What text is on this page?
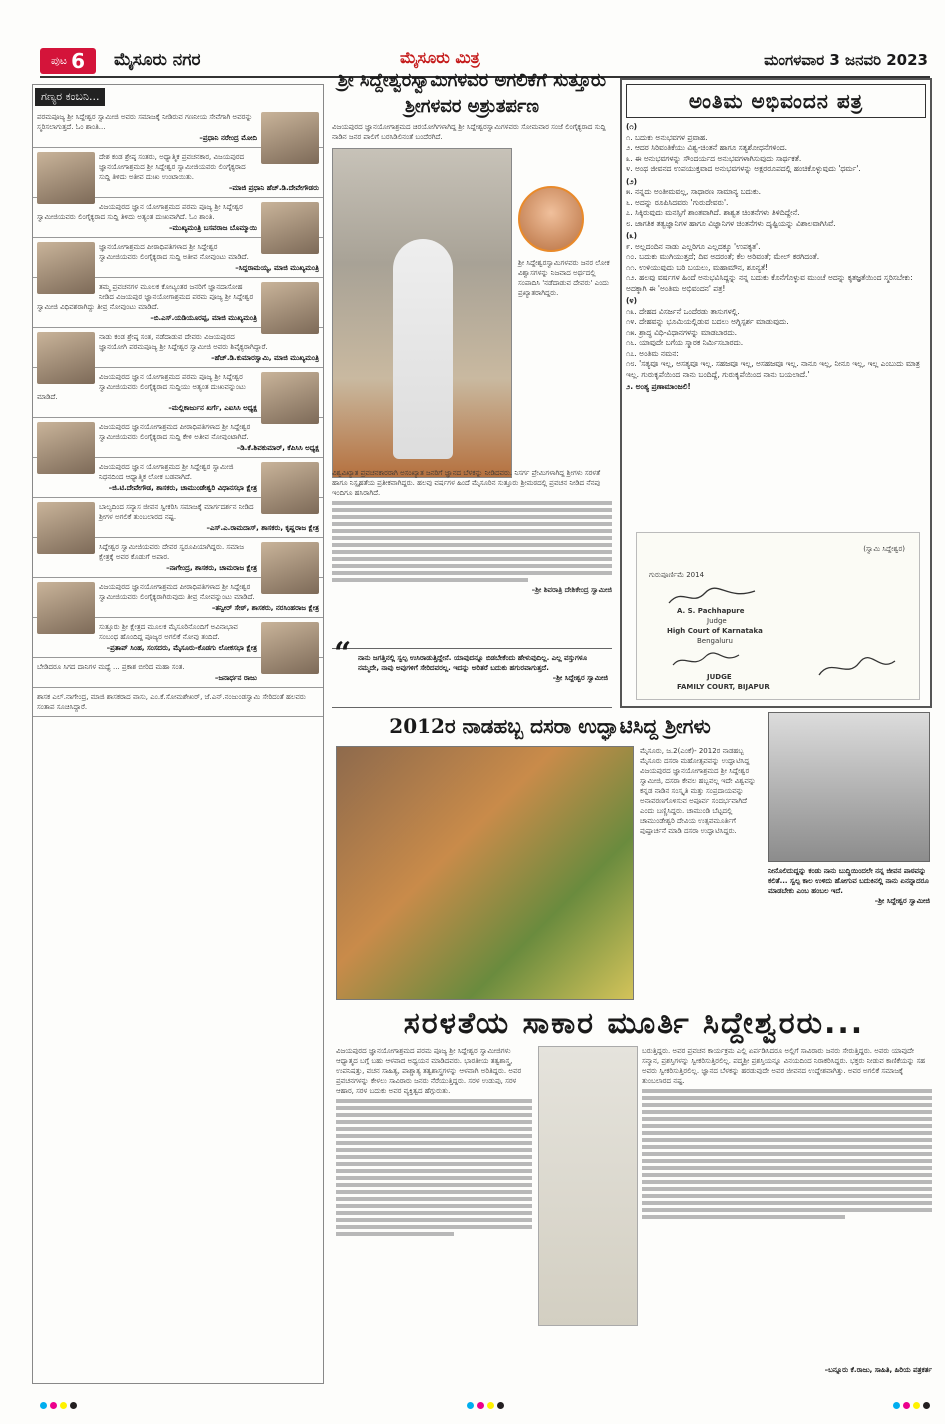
ಪುಟ 6 ಮೈಸೂರು ನಗರ	ಮೈಸೂರು ಮಿತ್ರ	ಮಂಗಳವಾರ 3 ಜನವರಿ 2023
ಗಣ್ಯರ ಕಂಬನಿ...
ಪರಮಪೂಜ್ಯ ಶ್ರೀ ಸಿದ್ದೇಶ್ವರ ಸ್ವಾಮೀಜಿ ಅವರು ಸಮಾಜಕ್ಕೆ ನೀಡಿರುವ ಗಣನೀಯ ಸೇವೆಗಾಗಿ ಅವರನ್ನು ಸ್ಮರಿಸಲಾಗುತ್ತದೆ. ಓಂ ಶಾಂತಿ...
–ಪ್ರಧಾನಿ ನರೇಂದ್ರ ಮೋದಿ
ದೇಶ ಕಂಡ ಶ್ರೇಷ್ಠ ಸಂತರು, ಅಧ್ಯಾತ್ಮಿಕ ಪ್ರವಚನಕಾರ, ವಿಜಯಪುರದ ಜ್ಞಾನಯೋಗಾಶ್ರಮದ ಶ್ರೀ ಸಿದ್ದೇಶ್ವರ ಸ್ವಾಮೀಜಿಯವರು ಲಿಂಗೈಕ್ಯರಾದ ಸುದ್ದಿ ತಿಳಿದು ಅತೀವ ದುಃಖ ಉಂಟಾಯಿತು.
–ಮಾಜಿ ಪ್ರಧಾನಿ ಹೆಚ್.ಡಿ.ದೇವೇಗೌಡರು
ವಿಜಯಪುರದ ಜ್ಞಾನ ಯೋಗಾಶ್ರಮದ ಪರಮ ಪೂಜ್ಯ ಶ್ರೀ ಸಿದ್ದೇಶ್ವರ ಸ್ವಾಮೀಜಿಯವರು ಲಿಂಗೈಕ್ಯರಾದ ಸುದ್ದಿ ತಿಳಿದು ಅತ್ಯಂತ ದುಃಖವಾಗಿದೆ. ಓಂ ಶಾಂತಿ.
–ಮುಖ್ಯಮಂತ್ರಿ ಬಸವರಾಜ ಬೊಮ್ಮಾಯಿ
ಜ್ಞಾನಯೋಗಾಶ್ರಮದ ಪೀಠಾಧಿಪತಿಗಳಾದ ಶ್ರೀ ಸಿದ್ದೇಶ್ವರ ಸ್ವಾಮೀಜಿಯವರು ಲಿಂಗೈಕ್ಯರಾದ ಸುದ್ದಿ ಅತೀವ ನೋವುಂಟು ಮಾಡಿದೆ.
–ಸಿದ್ದರಾಮಯ್ಯ, ಮಾಜಿ ಮುಖ್ಯಮಂತ್ರಿ
ತಮ್ಮ ಪ್ರವಚನಗಳ ಮೂಲಕ ಕೋಟ್ಯಂತರ ಜನರಿಗೆ ಜ್ಞಾನದಾಸೋಹ ನೀಡಿದ ವಿಜಯಪುರ ಜ್ಞಾನಯೋಗಾಶ್ರಮದ ಪರಮ ಪೂಜ್ಯ ಶ್ರೀ ಸಿದ್ದೇಶ್ವರ ಸ್ವಾಮೀಜಿ ವಿಧಿವಶರಾಗಿದ್ದು ತೀವ್ರ ನೋವುಂಟು ಮಾಡಿದೆ.
–ಬಿ.ಎಸ್.ಯಡಿಯೂರಪ್ಪ, ಮಾಜಿ ಮುಖ್ಯಮಂತ್ರಿ
ನಾಡು ಕಂಡ ಶ್ರೇಷ್ಠ ಸಂತ, ನಡೆದಾಡುವ ದೇವರು ವಿಜಯಪುರದ ಜ್ಞಾನಯೋಗಿ ಪರಮಪೂಜ್ಯ ಶ್ರೀ ಸಿದ್ದೇಶ್ವರ ಸ್ವಾಮೀಜಿ ಅವರು ಶಿವೈಕ್ಯರಾಗಿದ್ದಾರೆ.
–ಹೆಚ್.ಡಿ.ಕುಮಾರಸ್ವಾಮಿ, ಮಾಜಿ ಮುಖ್ಯಮಂತ್ರಿ
ವಿಜಯಪುರದ ಜ್ಞಾನ ಯೋಗಾಶ್ರಮದ ಪರಮ ಪೂಜ್ಯ ಶ್ರೀ ಸಿದ್ದೇಶ್ವರ ಸ್ವಾಮೀಜಿಯವರು ಲಿಂಗೈಕ್ಯರಾದ ಸುದ್ದಿಯು ಅತ್ಯಂತ ದುಃಖವನ್ನುಂಟು ಮಾಡಿದೆ.
–ಮಲ್ಲಿಕಾರ್ಜುನ ಖರ್ಗೆ, ಎಐಸಿಸಿ ಅಧ್ಯಕ್ಷ
ವಿಜಯಪುರದ ಜ್ಞಾನಯೋಗಾಶ್ರಮದ ಪೀಠಾಧಿಪತಿಗಳಾದ ಶ್ರೀ ಸಿದ್ದೇಶ್ವರ ಸ್ವಾಮೀಜಿಯವರು ಲಿಂಗೈಕ್ಯರಾದ ಸುದ್ದಿ ಕೇಳಿ ಅತೀವ ನೋವುಂಟಾಗಿದೆ.
–ಡಿ.ಕೆ.ಶಿವಕುಮಾರ್, ಕೆಪಿಸಿಸಿ ಅಧ್ಯಕ್ಷ
ವಿಜಯಪುರದ ಜ್ಞಾನ ಯೋಗಾಶ್ರಮದ ಶ್ರೀ ಸಿದ್ದೇಶ್ವರ ಸ್ವಾಮೀಜಿ ನಿಧನದಿಂದ ಆಧ್ಯಾತ್ಮಿಕ ಲೋಕ ಬಡವಾಗಿದೆ.
–ಜಿ.ಟಿ.ದೇವೇಗೌಡ, ಶಾಸಕರು, ಚಾಮುಂಡೇಶ್ವರಿ ವಿಧಾನಸಭಾ ಕ್ಷೇತ್ರ
ಬಾಲ್ಯದಿಂದ ಸನ್ಯಾಸ ಜೀವನ ಸ್ವೀಕರಿಸಿ ಸಮಾಜಕ್ಕೆ ಮಾರ್ಗದರ್ಶನ ನೀಡಿದ ಶ್ರೀಗಳ ಅಗಲಿಕೆ ತುಂಬಲಾರದ ನಷ್ಟ.
–ಎಸ್.ಎ.ರಾಮದಾಸ್, ಶಾಸಕರು, ಕೃಷ್ಣರಾಜ ಕ್ಷೇತ್ರ
ಸಿದ್ದೇಶ್ವರ ಸ್ವಾಮೀಜಿಯವರು ದೇವರ ಸ್ವರೂಪಿಯಾಗಿದ್ದರು. ಸಮಾಜ ಕ್ಷೇತ್ರಕ್ಕೆ ಅವರ ಕೊಡುಗೆ ಅಪಾರ.
–ನಾಗೇಂದ್ರ, ಶಾಸಕರು, ಚಾಮರಾಜ ಕ್ಷೇತ್ರ
ವಿಜಯಪುರದ ಜ್ಞಾನಯೋಗಾಶ್ರಮದ ಪೀಠಾಧಿಪತಿಗಳಾದ ಶ್ರೀ ಸಿದ್ದೇಶ್ವರ ಸ್ವಾಮೀಜಿಯವರು ಲಿಂಗೈಕ್ಯರಾಗಿರುವುದು ತೀವ್ರ ನೋವನ್ನುಂಟು ಮಾಡಿದೆ.
–ತನ್ವೀರ್ ಸೇಠ್, ಶಾಸಕರು, ನರಸಿಂಹರಾಜ ಕ್ಷೇತ್ರ
ಸುತ್ತೂರು ಶ್ರೀ ಕ್ಷೇತ್ರದ ಮೂಲಕ ಮೈಸೂರಿನೊಂದಿಗೆ ಅವಿನಾಭಾವ ಸಂಬಂಧ ಹೊಂದಿದ್ದ ಪೂಜ್ಯರ ಅಗಲಿಕೆ ನೋವು ತಂದಿದೆ.
–ಪ್ರತಾಪ್ ಸಿಂಹ, ಸಂಸದರು, ಮೈಸೂರು-ಕೊಡಗು ಲೋಕಸಭಾ ಕ್ಷೇತ್ರ
ಬೇಡಿದರೂ ಸಿಗದ ದಾನಿಗಳ ಮಧ್ಯೆ ... ಪ್ರಕಾಶ ಬೀರಿದ ಮಹಾ ಸಂತ.
–ಜನಾರ್ಧನ ರಾಜು
ಶಾಸಕ ಎಲ್.ನಾಗೇಂದ್ರ, ಮಾಜಿ ಶಾಸಕರಾದ ವಾಸು, ಎಂ.ಕೆ.ಸೋಮಶೇಖರ್, ಜೆ.ಎನ್.ನಂಜುಂಡಸ್ವಾಮಿ ಸೇರಿದಂತೆ ಹಲವರು ಸಂತಾಪ ಸೂಚಿಸಿದ್ದಾರೆ.
ಶ್ರೀ ಸಿದ್ದೇಶ್ವರಸ್ವಾಮಿಗಳವರ ಅಗಲಿಕೆಗೆ ಸುತ್ತೂರು ಶ್ರೀಗಳವರ ಅಶ್ರುತರ್ಪಣ
ವಿಜಯಪುರದ ಜ್ಞಾನಯೋಗಾಶ್ರಮದ ಚಿರಯೋಗಿಗಳಾಗಿದ್ದ ಶ್ರೀ ಸಿದ್ದೇಶ್ವರಸ್ವಾಮಿಗಳವರು ಸೋಮವಾರ ಸಂಜೆ ಲಿಂಗೈಕ್ಯರಾದ ಸುದ್ದಿ ನಾಡಿನ ಜನರ ಪಾಲಿಗೆ ಬರಸಿಡಿಲಿನಂತೆ ಬಂದೆರಗಿದೆ.
ಶ್ರೀ ಸಿದ್ದೇಶ್ವರಸ್ವಾಮಿಗಳವರು ಜನರ ಲೋಕ ವಿಶ್ವಾಸಗಳನ್ನು ನಿಜವಾದ ಅರ್ಥದಲ್ಲಿ ಸಂಪಾದಿಸಿ 'ನಡೆದಾಡುವ ದೇವರು' ಎಂದು ಪ್ರಖ್ಯಾತರಾಗಿದ್ದರು.
ವಿಶ್ವವಿಖ್ಯಾತ ಪ್ರವಚನಕಾರರಾಗಿ ಅಸಂಖ್ಯಾತ ಜನರಿಗೆ ಜ್ಞಾನದ ಬೆಳಕನ್ನು ನೀಡಿದವರು. ನಿಸರ್ಗ ಪ್ರೇಮಿಗಳಾಗಿದ್ದ ಶ್ರೀಗಳು ಸರಳತೆ ಹಾಗೂ ನಿಸ್ಪೃಹತೆಯ ಪ್ರತೀಕವಾಗಿದ್ದರು. ಹಲವು ವರ್ಷಗಳ ಹಿಂದೆ ಮೈಸೂರಿನ ಸುತ್ತೂರು ಶ್ರೀಮಠದಲ್ಲಿ ಪ್ರವಚನ ನೀಡಿದ ನೆನಪು ಇಂದಿಗೂ ಹಸಿರಾಗಿದೆ.
–ಶ್ರೀ ಶಿವರಾತ್ರಿ ದೇಶಿಕೇಂದ್ರ ಸ್ವಾಮೀಜಿ
“ ನಾನು ಜಗತ್ತಿನಲ್ಲಿ ಸ್ವಲ್ಪ ಉಸಿರಾಡುತ್ತಿದ್ದೇನೆ. ಯಾವುದನ್ನೂ ಬಿಡಬೇಕೆಂದು ಹೇಳುವುದಿಲ್ಲ. ಎಲ್ಲ ವಸ್ತುಗಳೂ ನಮ್ಮದೇ, ನಾವು ಅವುಗಳಿಗೆ ಸೇರಿದವರಲ್ಲ. ಇದನ್ನು ಅರಿತರೆ ಬದುಕು ಹಗುರವಾಗುತ್ತದೆ.
–ಶ್ರೀ ಸಿದ್ದೇಶ್ವರ ಸ್ವಾಮೀಜಿ
ಅಂತಿಮ ಅಭಿವಂದನ ಪತ್ರ
(೧)
೧. ಬದುಕು ಅನುಭವಗಳ ಪ್ರವಾಹ.
೨. ಆದರ ಸಿರಿವಂತಿಕೆಯು ವಿಶ್ವ-ಚಿಂತನೆ ಹಾಗೂ ಸತ್ಯಶೋಧನೆಗಳಿಂದ.
೩. ಈ ಅನುಭವಗಳನ್ನು ಸೌಂದರ್ಯದ ಅನುಭವಗಳಾಗಿಸುವುದು ಸಾರ್ಥಕತೆ.
೪. ಅಂಥ ಜೀವನದ ಉಪಯುಕ್ತವಾದ ಅನುಭವಗಳನ್ನು ಅಕ್ಷರರೂಪದಲ್ಲಿ ಹಂಚಿಕೊಳ್ಳುವುದು 'ಧರ್ಮ'.
(೨)
೫. ನನ್ನದು ಅಂತೀಮವಲ್ಲ, ಸಾಧಾರಣ ಸಾಮಾನ್ಯ ಬದುಕು.
೬. ಅದನ್ನು ರೂಪಿಸಿದವರು 'ಗುರುದೇವರು'.
೭. ಸಿಕ್ಕಿರುವುದು ಮನಸ್ಸಿಗೆ ಶಾಂತವಾಗಿದೆ. ಶಾಶ್ವತ ಚಿಂತನೆಗಳು ತಿಳಿದಿದ್ದೇನೆ.
೮. ಜಾಗತಿಕ ತತ್ವಜ್ಞಾನಿಗಳ ಹಾಗೂ ವಿಜ್ಞಾನಿಗಳ ಚಿಂತನೆಗಳು ದೃಷ್ಟಿಯನ್ನು ವಿಶಾಲವಾಗಿಸಿವೆ.
(೩)
೯. ಅಲ್ಲದಂದಿನ ನಾಡು ಎಲ್ಲರಿಗೂ ಎಲ್ಲದಕ್ಕೂ 'ಉಪಕೃತ'.
೧೦. ಬದುಕು ಮುಗಿಯುತ್ತದೆ; ದಿವ ಅದರಂತೆ; ಕೆಲ ಅರಿವಂತೆ; ಮೇಲ್ ಕರಗಿದಂತೆ.
೧೧. ಉಳಿಯುವುದು ಬರಿ ಬಯಲು, ಮಹಾಮೌನ, ಶೂನ್ಯತೆ!
೧೨. ಹಲವು ವರ್ಷಗಳ ಹಿಂದೆ ಅನುಭವಿಸಿದ್ದನ್ನು ನನ್ನ ಬದುಕು ಕೊನೆಗೊಳ್ಳುವ ಮುಂಚೆ ಅದನ್ನು ಕೃತಜ್ಞತೆಯಿಂದ ಸ್ಮರಿಸಬೇಕು: ಅದಕ್ಕಾಗಿ ಈ 'ಅಂತಿಮ ಅಭಿವಂದನ' ಪತ್ರ!
(೪)
೧೩. ದೇಹದ ವಿಸರ್ಜನೆ ಒಂದೆರಡು ತಾಸುಗಳಲ್ಲಿ.
೧೪. ದೇಹವನ್ನು ಭೂಮಿಯಲ್ಲಿಡುವ ಬದಲು ಅಗ್ನಿಸ್ಪರ್ಶ ಮಾಡುವುದು.
೧೫. ಶ್ರಾದ್ಧ ವಿಧಿ-ವಿಧಾನಗಳನ್ನು ಮಾಡಬಾರದು.
೧೬. ಯಾವುದೇ ಬಗೆಯ ಸ್ಮಾರಕ ನಿರ್ಮಿಸಬಾರದು.
೧೭. ಅಂತಿಮ ನಮನ:
೧೮. 'ಸತ್ಯವೂ ಇಲ್ಲ, ಅಸತ್ಯವೂ ಇಲ್ಲ. ಸಹಜವೂ ಇಲ್ಲ, ಅಸಹಜವೂ ಇಲ್ಲ. ನಾನೂ ಇಲ್ಲ, ನೀನೂ ಇಲ್ಲ, ಇಲ್ಲ ಎಂಬುದು ಮಾತ್ರ ಇಲ್ಲ. ಗುರುಕೃಪೆಯಿಂದ ನಾನು ಬಂದಿದ್ದೆ, ಗುರುಕೃಪೆಯಿಂದ ನಾನು ಬಯಲಾದೆ.'
೨. ಅಂತ್ಯ ಪ್ರಣಾಮಾಂಜಲಿ!
(ಸ್ವಾಮಿ ಸಿದ್ದೇಶ್ವರ)
ಗುರುಪೂರ್ಣಿಮೆ 2014
A. S. Pachhapure
Judge
High Court of Karnataka
Bengaluru
JUDGE
FAMILY COURT, BIJAPUR
2012ರ ನಾಡಹಬ್ಬ ದಸರಾ ಉದ್ಘಾಟಿಸಿದ್ದ ಶ್ರೀಗಳು
ಮೈಸೂರು, ಜ.2(ಎಂಕೆ)- 2012ರ ನಾಡಹಬ್ಬ ಮೈಸೂರು ದಸರಾ ಮಹೋತ್ಸವವನ್ನು ಉದ್ಘಾಟಿಸಿದ್ದ ವಿಜಯಪುರದ ಜ್ಞಾನಯೋಗಾಶ್ರಮದ ಶ್ರೀ ಸಿದ್ದೇಶ್ವರ ಸ್ವಾಮೀಜಿ, ದಸರಾ ಕೇವಲ ಹಬ್ಬವಲ್ಲ ಇದೇ ವಿಶ್ವವನ್ನು ಕನ್ನಡ ನಾಡಿನ ಸಂಸ್ಕೃತಿ ಮತ್ತು ಸಂಪ್ರದಾಯವನ್ನು ಅನಾವರಣಗೊಳಿಸುವ ಅಪೂರ್ವ ಸಂದರ್ಭವಾಗಿದೆ ಎಂದು ಬಣ್ಣಿಸಿದ್ದರು. ಚಾಮುಂಡಿ ಬೆಟ್ಟದಲ್ಲಿ ಚಾಮುಂಡೇಶ್ವರಿ ದೇವಿಯ ಉತ್ಸವಮೂರ್ತಿಗೆ ಪುಷ್ಪಾರ್ಚನೆ ಮಾಡಿ ದಸರಾ ಉದ್ಘಾಟಿಸಿದ್ದರು.
ನೀನೊಲಿದುದ್ದನ್ನು ಕಂಡು ನಾನು ಬುದ್ಧಿಯಿಂದಲೇ ನನ್ನ ಜೀವನ ಪಾಠವನ್ನು ಕಲಿತೆ... ಸ್ವಲ್ಪ ಕಾಲ ಉಳಿದು ಹೋಗುವ ಬದುಕಿನಲ್ಲಿ ನಾನು ಏನನ್ನಾದರೂ ಮಾಡಬೇಕು ಎಂಬ ಹಂಬಲ ಇದೆ.
–ಶ್ರೀ ಸಿದ್ದೇಶ್ವರ ಸ್ವಾಮೀಜಿ
ಸರಳತೆಯ ಸಾಕಾರ ಮೂರ್ತಿ ಸಿದ್ದೇಶ್ವರರು...
ವಿಜಯಪುರದ ಜ್ಞಾನಯೋಗಾಶ್ರಮದ ಪರಮ ಪೂಜ್ಯ ಶ್ರೀ ಸಿದ್ದೇಶ್ವರ ಸ್ವಾಮೀಜಿಗಳು ಆಧ್ಯಾತ್ಮದ ಬಗ್ಗೆ ಬಹು ಆಳವಾದ ಅಧ್ಯಯನ ಮಾಡಿದವರು. ಭಾರತೀಯ ತತ್ವಶಾಸ್ತ್ರ, ಉಪನಿಷತ್ತು, ವಚನ ಸಾಹಿತ್ಯ, ಪಾಶ್ಚಾತ್ಯ ತತ್ವಶಾಸ್ತ್ರಗಳನ್ನು ಆಳವಾಗಿ ಅರಿತಿದ್ದರು. ಅವರ ಪ್ರವಚನಗಳನ್ನು ಕೇಳಲು ಸಾವಿರಾರು ಜನರು ನೆರೆಯುತ್ತಿದ್ದರು. ಸರಳ ಉಡುಪು, ಸರಳ ಆಹಾರ, ಸರಳ ಬದುಕು ಅವರ ವ್ಯಕ್ತಿತ್ವದ ಹೆಗ್ಗುರುತು.
ಬರುತ್ತಿದ್ದರು. ಅವರ ಪ್ರವಚನ ಕಾರ್ಯಕ್ರಮ ಎಲ್ಲಿ ಏರ್ಪಡಿಸಿದರೂ ಅಲ್ಲಿಗೆ ಸಾವಿರಾರು ಜನರು ಸೇರುತ್ತಿದ್ದರು. ಅವರು ಯಾವುದೇ ಸನ್ಮಾನ, ಪ್ರಶಸ್ತಿಗಳನ್ನು ಸ್ವೀಕರಿಸುತ್ತಿರಲಿಲ್ಲ. ಪದ್ಮಶ್ರೀ ಪ್ರಶಸ್ತಿಯನ್ನೂ ವಿನಯದಿಂದ ನಿರಾಕರಿಸಿದ್ದರು. ಭಕ್ತರು ನೀಡುವ ಕಾಣಿಕೆಯನ್ನು ಸಹ ಅವರು ಸ್ವೀಕರಿಸುತ್ತಿರಲಿಲ್ಲ. ಜ್ಞಾನದ ಬೆಳಕನ್ನು ಹರಡುವುದೇ ಅವರ ಜೀವನದ ಉದ್ದೇಶವಾಗಿತ್ತು. ಅವರ ಅಗಲಿಕೆ ಸಮಾಜಕ್ಕೆ ತುಂಬಲಾರದ ನಷ್ಟ.
–ಬನ್ನೂರು ಕೆ.ರಾಜು, ಸಾಹಿತಿ, ಹಿರಿಯ ಪತ್ರಕರ್ತ
